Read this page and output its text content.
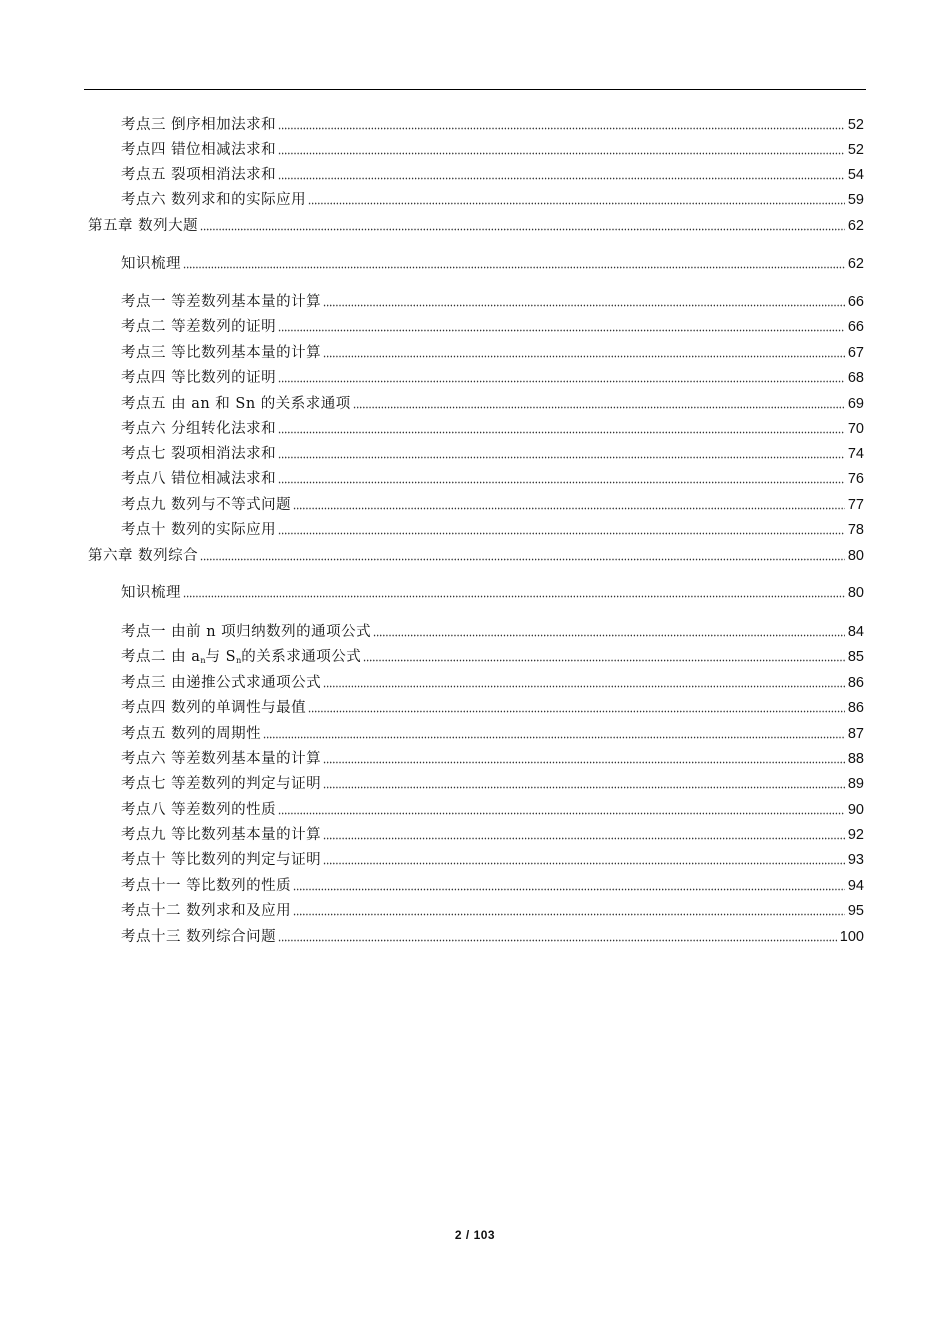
考点三 倒序相加法求和	52
考点四 错位相减法求和	52
考点五 裂项相消法求和	54
考点六 数列求和的实际应用	59
第五章 数列大题	62
知识梳理	62
考点一 等差数列基本量的计算	66
考点二 等差数列的证明	66
考点三 等比数列基本量的计算	67
考点四 等比数列的证明	68
考点五 由 an 和 Sn 的关系求通项	69
考点六 分组转化法求和	70
考点七 裂项相消法求和	74
考点八 错位相减法求和	76
考点九 数列与不等式问题	77
考点十 数列的实际应用	78
第六章 数列综合	80
知识梳理	80
考点一 由前 n 项归纳数列的通项公式	84
考点二 由 $a_n$与 $S_n$的关系求通项公式	85
考点三 由递推公式求通项公式	86
考点四 数列的单调性与最值	86
考点五 数列的周期性	87
考点六 等差数列基本量的计算	88
考点七 等差数列的判定与证明	89
考点八 等差数列的性质	90
考点九 等比数列基本量的计算	92
考点十 等比数列的判定与证明	93
考点十一 等比数列的性质	94
考点十二 数列求和及应用	95
考点十三 数列综合问题	100
2 / 103
